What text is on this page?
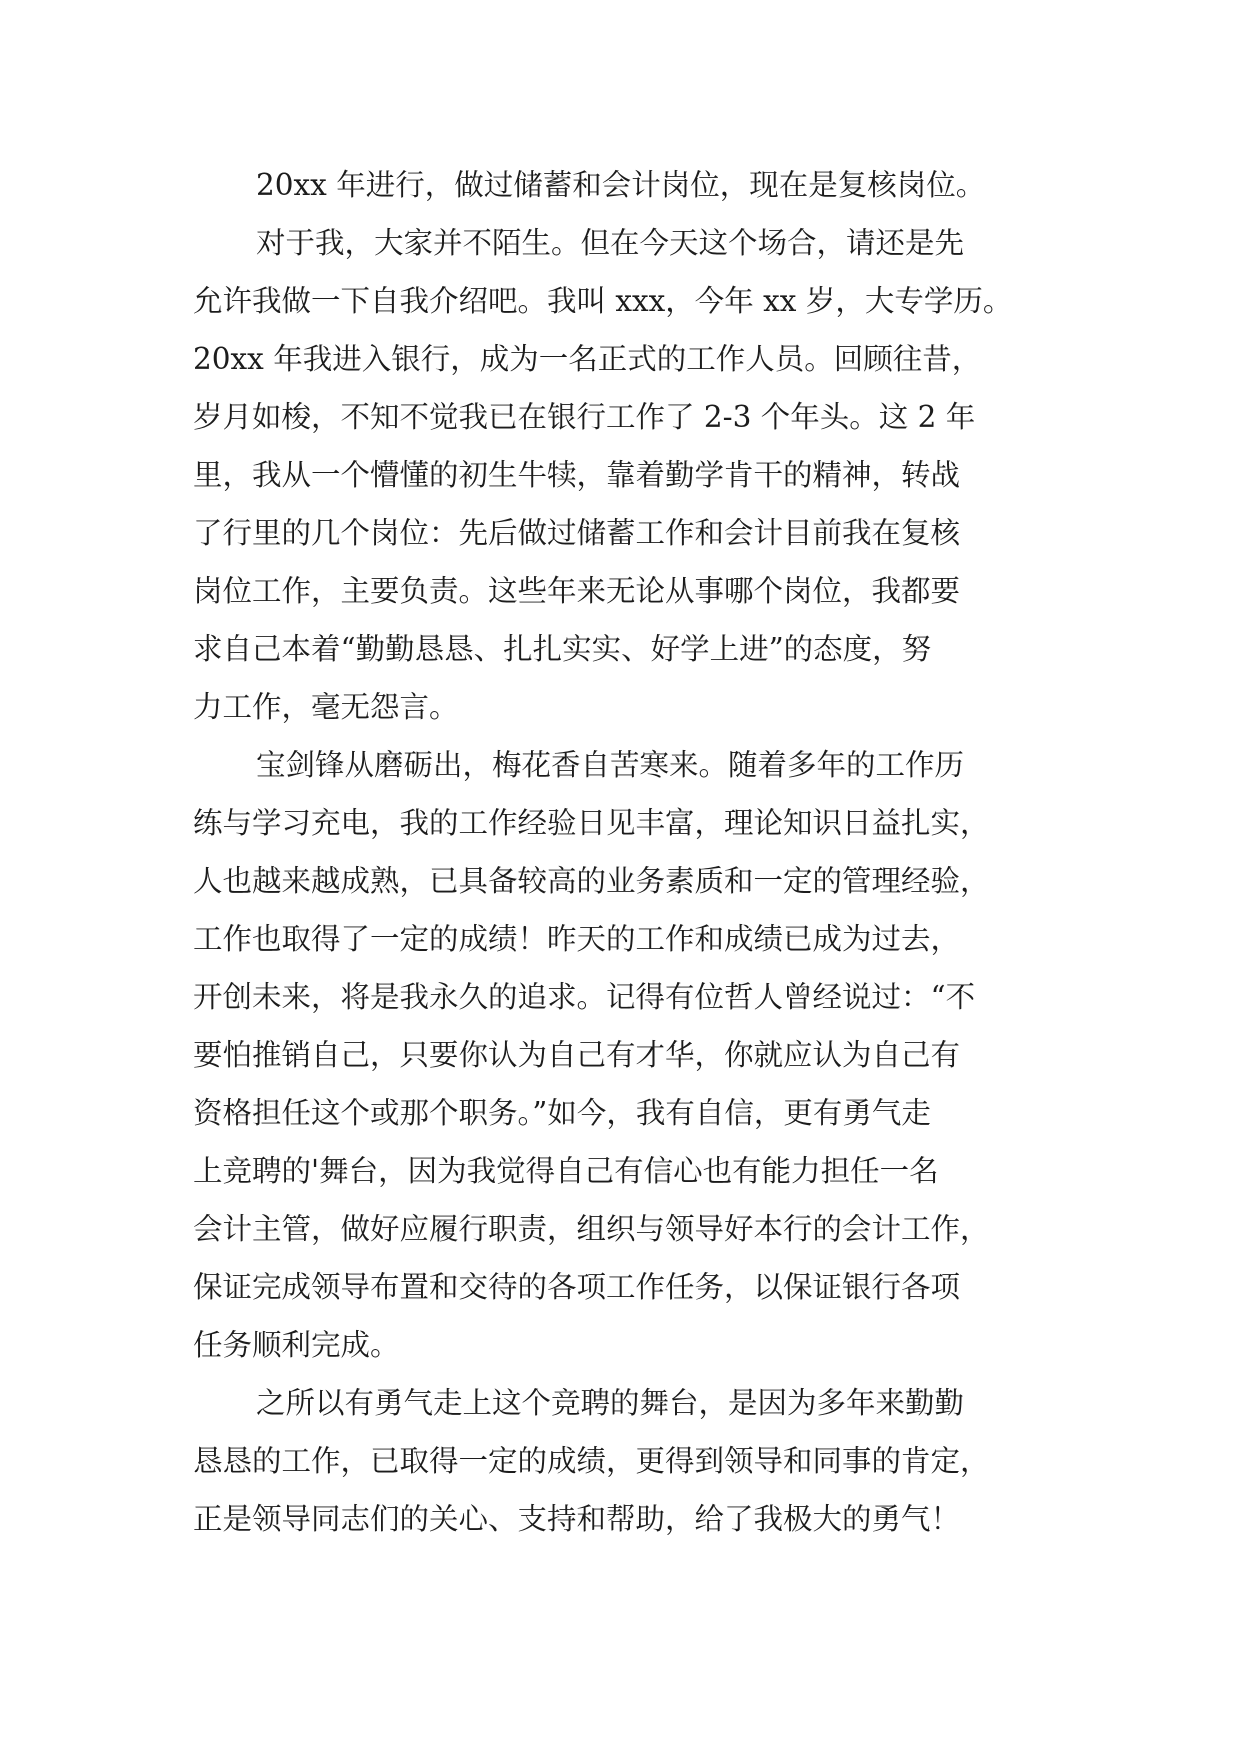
20xx 年进行，做过储蓄和会计岗位，现在是复核岗位。

对于我，大家并不陌生。但在今天这个场合，请还是先

允许我做一下自我介绍吧。我叫 xxx，今年 xx 岁，大专学历。

20xx 年我进入银行，成为一名正式的工作人员。回顾往昔，

岁月如梭，不知不觉我已在银行工作了 2-3 个年头。这 2 年

里，我从一个懵懂的初生牛犊，靠着勤学肯干的精神，转战

了行里的几个岗位：先后做过储蓄工作和会计目前我在复核

岗位工作，主要负责。这些年来无论从事哪个岗位，我都要

求自己本着“勤勤恳恳、扎扎实实、好学上进”的态度，努

力工作，毫无怨言。

宝剑锋从磨砺出，梅花香自苦寒来。随着多年的工作历

练与学习充电，我的工作经验日见丰富，理论知识日益扎实，

人也越来越成熟，已具备较高的业务素质和一定的管理经验，

工作也取得了一定的成绩！昨天的工作和成绩已成为过去，

开创未来，将是我永久的追求。记得有位哲人曾经说过：“不

要怕推销自己，只要你认为自己有才华，你就应认为自己有

资格担任这个或那个职务。”如今，我有自信，更有勇气走

上竞聘的'舞台，因为我觉得自己有信心也有能力担任一名

会计主管，做好应履行职责，组织与领导好本行的会计工作，

保证完成领导布置和交待的各项工作任务，以保证银行各项

任务顺利完成。

之所以有勇气走上这个竞聘的舞台，是因为多年来勤勤

恳恳的工作，已取得一定的成绩，更得到领导和同事的肯定，

正是领导同志们的关心、支持和帮助，给了我极大的勇气！
